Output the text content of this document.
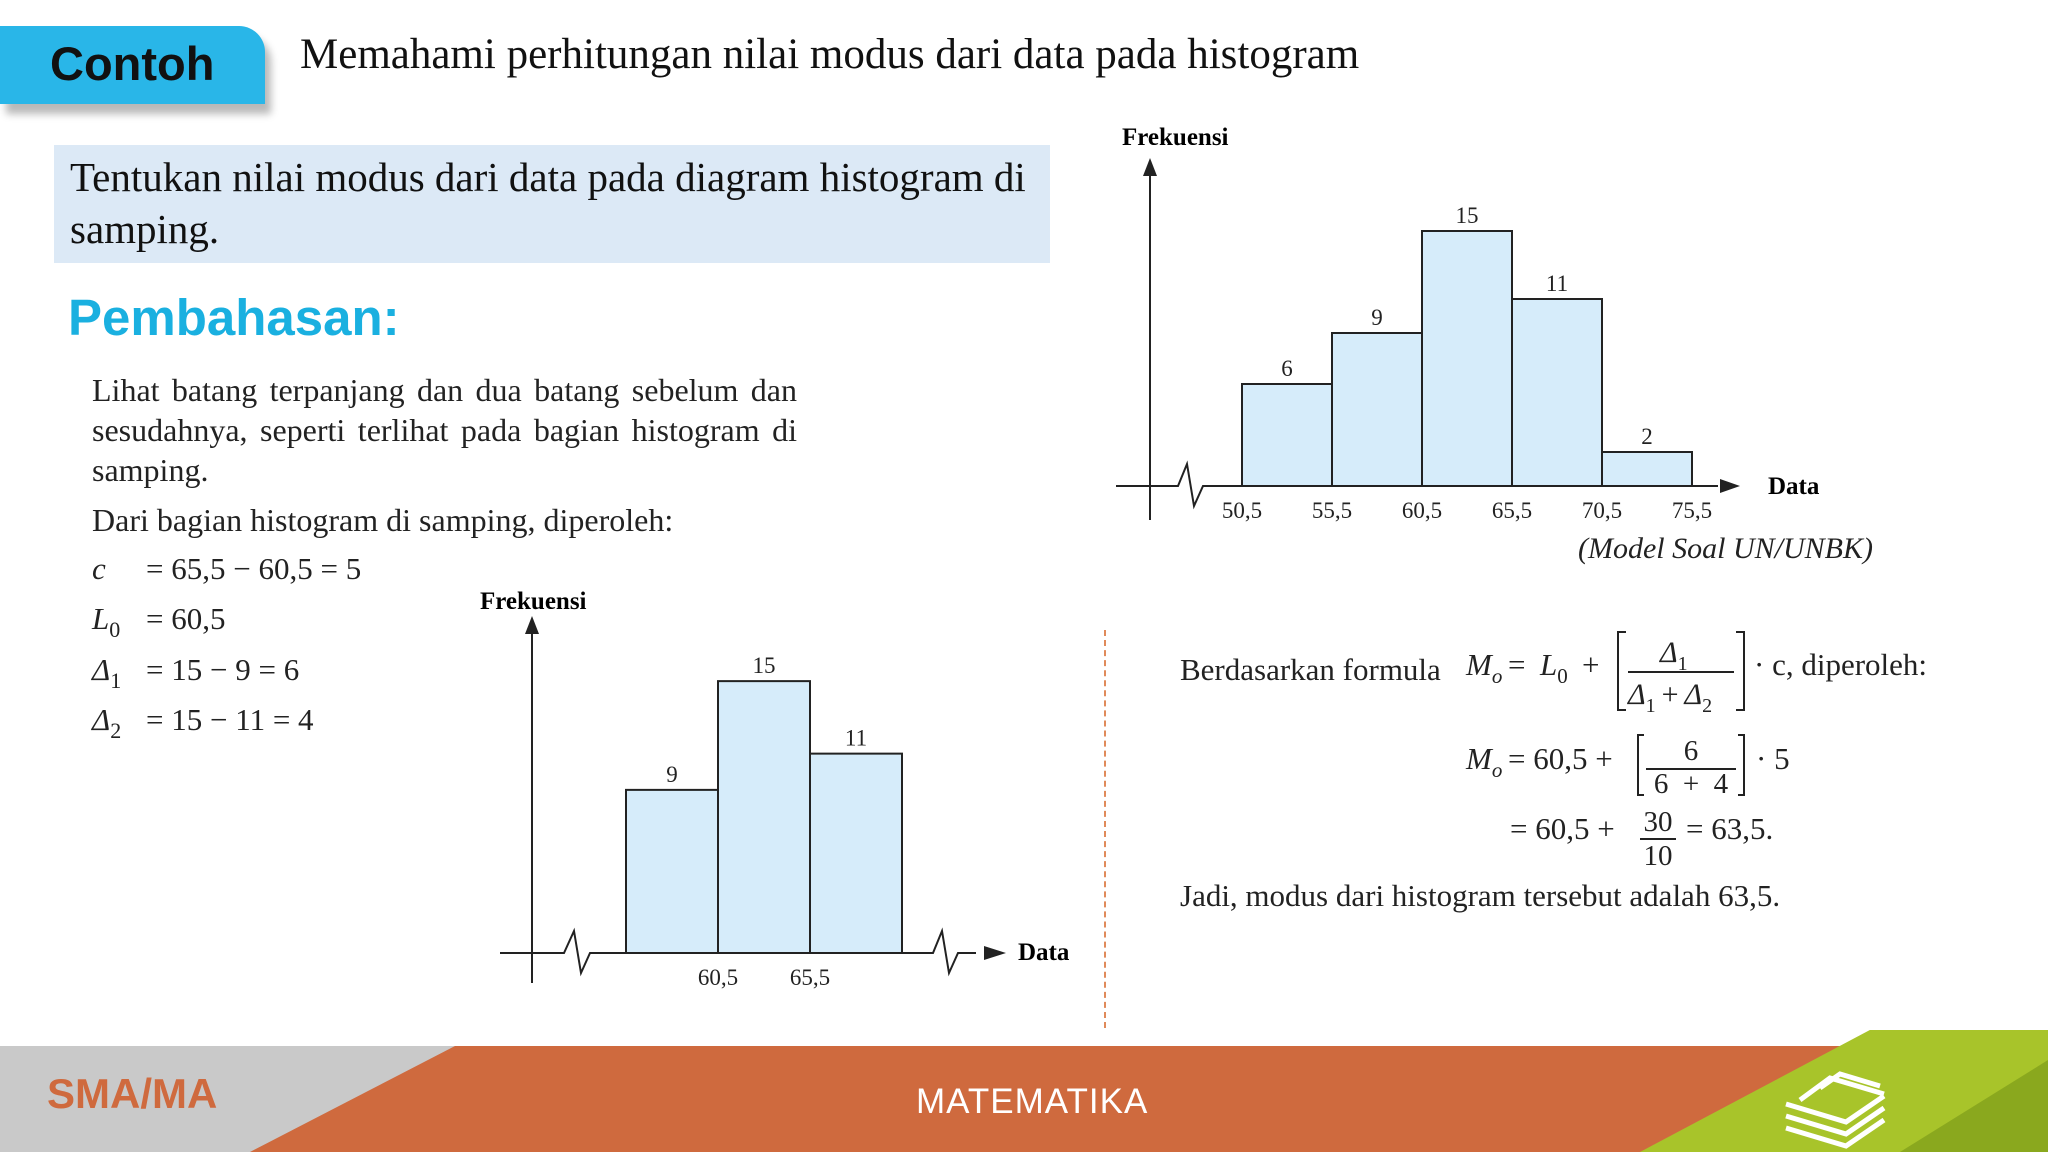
Contoh Memahami perhitungan nilai modus dari data pada histogram
Tentukan nilai modus dari data pada diagram histogram di samping.
Pembahasan:
Lihat batang terpanjang dan dua batang sebelum dan sesudahnya, seperti terlihat pada bagian histogram di samping.
Dari bagian histogram di samping, diperoleh:
c = 65,5 − 60,5 = 5
$L_0 = 60,5$
$\Delta_1 = 15 - 9 = 6$
$\Delta_2 = 15 - 11 = 4$
Frekuensi
Data
6
9
15
11
2
50,5 55,5 60,5 65,5 70,5 75,5
(Model Soal UN/UNBK)
Frekuensi
Data
9
15
11
60,5 65,5
Berdasarkan formula $M_o = L_0 + \Delta_1$
$\Delta_1 + \Delta_2$
· c, diperoleh:
$M_o = 60,5 + 6$
6  +  4
· 5
= 60,5 + 30
10
= 63,5.
Jadi, modus dari histogram tersebut adalah 63,5.
SMA/MA	MATEMATIKA
